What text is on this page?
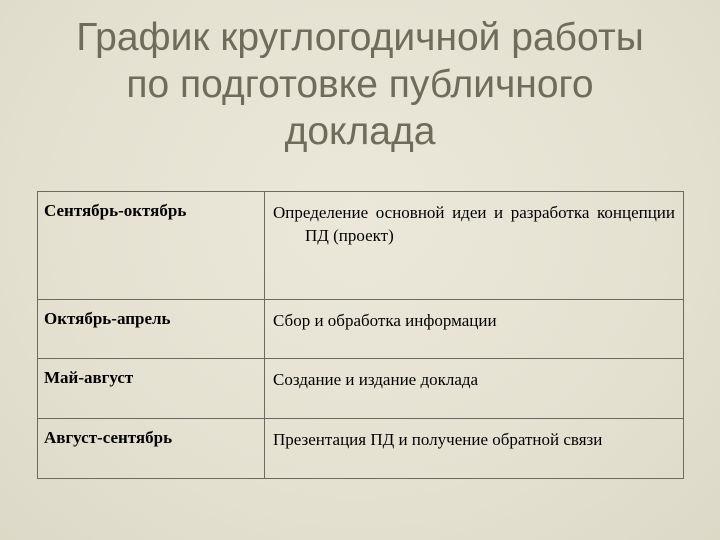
График круглогодичной работы
по подготовке публичного
доклада
Сентябрь-октябрь	Определение основной идеи и разработка концепции ПД (проект)

Октябрь-апрель	Сбор и обработка информации

Май-август	Создание и издание доклада

Август-сентябрь	Презентация ПД и получение обратной связи
